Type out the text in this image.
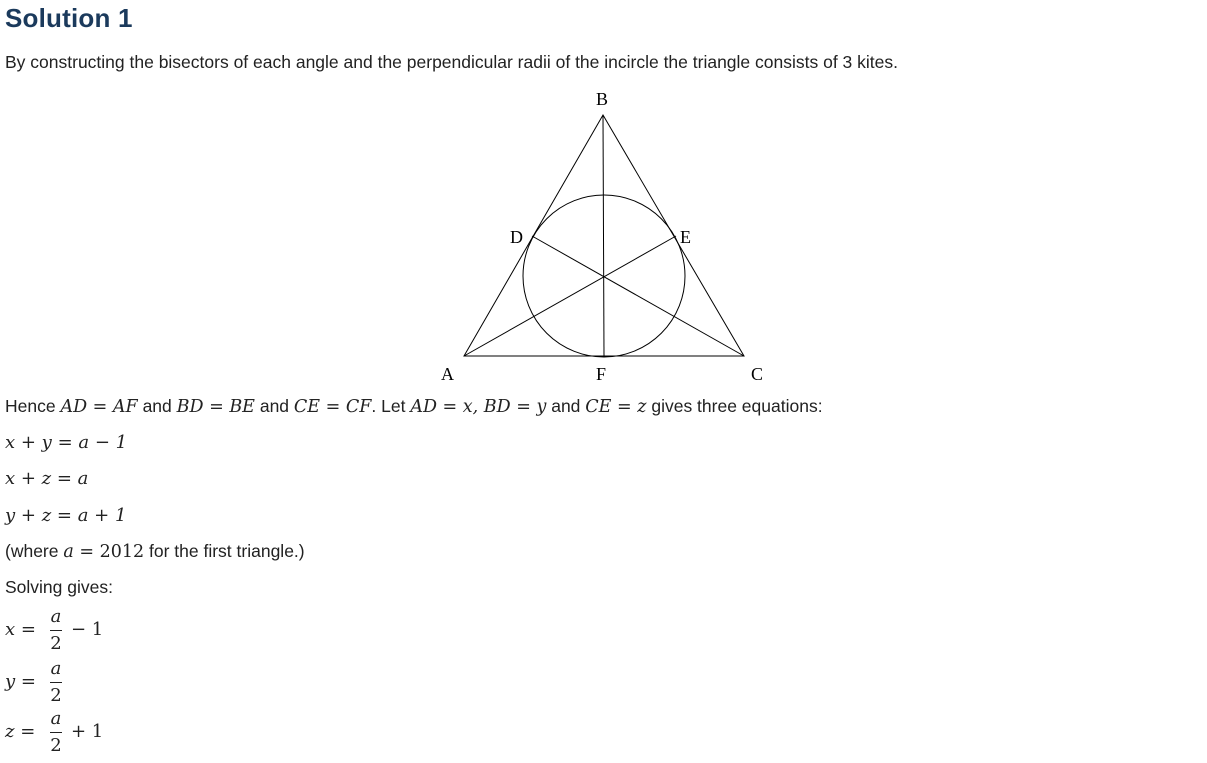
Solution 1

By constructing the bisectors of each angle and the perpendicular radii of the incircle the triangle consists of 3 kites.

B
D	E
A	F	C

Hence AD = AF and BD = BE and CE = CF. Let AD = x, BD = y and CE = z gives three equations:

x + y = a − 1

x + z = a

y + z = a + 1

(where a = 2012 for the first triangle.)

Solving gives:

x =
a
2
− 1
y =
a
2
z =
a
2
+ 1
